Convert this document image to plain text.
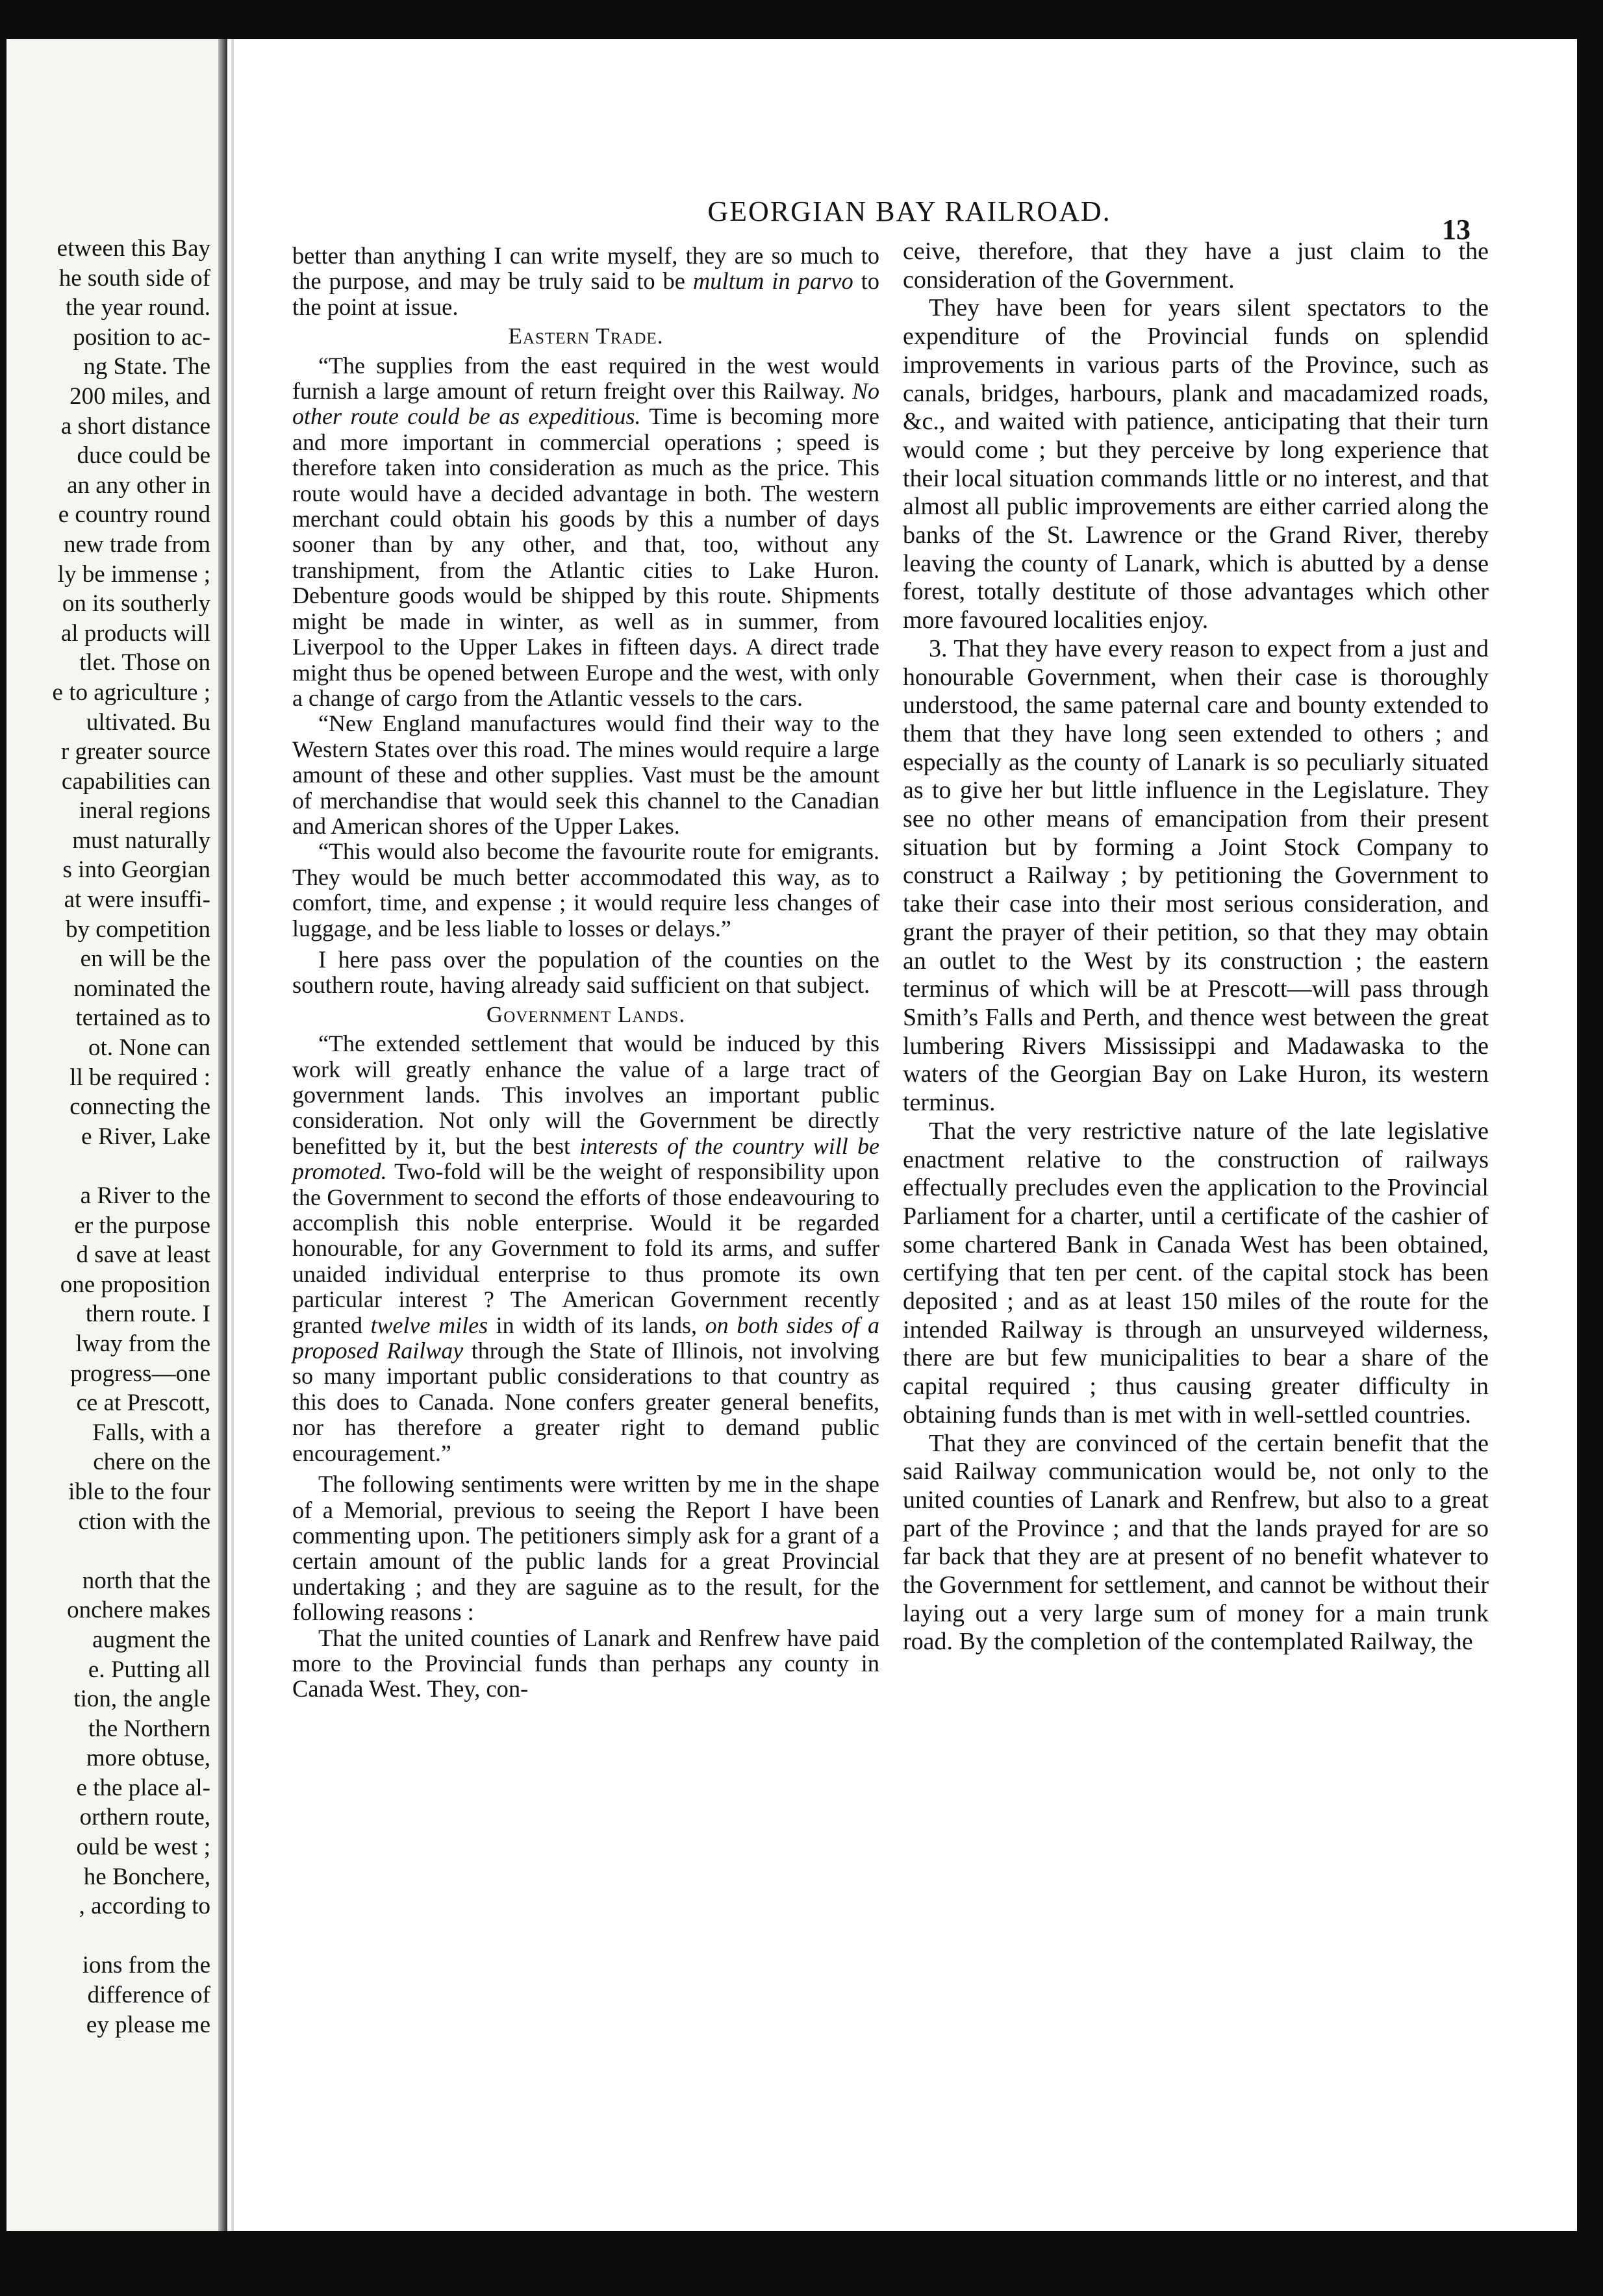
etween this Bay
he south side of
the year round.
position to ac-
ng State. The
200 miles, and
a short distance
duce could be
an any other in
e country round
new trade from
ly be immense ;
on its southerly
al products will
tlet. Those on
e to agriculture ;
ultivated. Bu
r greater source
capabilities can
ineral regions
must naturally
s into Georgian
at were insuffi-
by competition
en will be the
nominated the
tertained as to
ot. None can
ll be required :
connecting the
e River, Lake
a River to the
er the purpose
d save at least
one proposition
thern route. I
lway from the
progress—one
ce at Prescott,
Falls, with a
chere on the
ible to the four
ction with the
north that the
onchere makes
augment the
e. Putting all
tion, the angle
the Northern
more obtuse,
e the place al-
orthern route,
ould be west ;
he Bonchere,
, according to
ions from the
difference of
ey please me
GEORGIAN BAY RAILROAD.
13

better than anything I can write myself, they are so much to the purpose, and may be truly said to be multum in parvo to the point at issue.

Eastern Trade.

“The supplies from the east required in the west would furnish a large amount of return freight over this Railway. No other route could be as expeditious. Time is becoming more and more important in commercial operations ; speed is therefore taken into consideration as much as the price. This route would have a decided advantage in both. The western merchant could obtain his goods by this a number of days sooner than by any other, and that, too, without any transhipment, from the Atlantic cities to Lake Huron. Debenture goods would be shipped by this route. Shipments might be made in winter, as well as in summer, from Liverpool to the Upper Lakes in fifteen days. A direct trade might thus be opened between Europe and the west, with only a change of cargo from the Atlantic vessels to the cars.

“New England manufactures would find their way to the Western States over this road. The mines would require a large amount of these and other supplies. Vast must be the amount of merchandise that would seek this channel to the Canadian and American shores of the Upper Lakes.

“This would also become the favourite route for emigrants. They would be much better accommodated this way, as to comfort, time, and expense ; it would require less changes of luggage, and be less liable to losses or delays.”

I here pass over the population of the counties on the southern route, having already said sufficient on that subject.

Government Lands.

“The extended settlement that would be induced by this work will greatly enhance the value of a large tract of government lands. This involves an important public consideration. Not only will the Government be directly benefitted by it, but the best interests of the country will be promoted. Two-fold will be the weight of responsibility upon the Government to second the efforts of those endeavouring to accomplish this noble enterprise. Would it be regarded honourable, for any Government to fold its arms, and suffer unaided individual enterprise to thus promote its own particular interest ? The American Government recently granted twelve miles in width of its lands, on both sides of a proposed Railway through the State of Illinois, not involving so many important public considerations to that country as this does to Canada. None confers greater general benefits, nor has therefore a greater right to demand public encouragement.”

The following sentiments were written by me in the shape of a Memorial, previous to seeing the Report I have been commenting upon. The petitioners simply ask for a grant of a certain amount of the public lands for a great Provincial undertaking ; and they are saguine as to the result, for the following reasons :

That the united counties of Lanark and Renfrew have paid more to the Provincial funds than perhaps any county in Canada West. They, con-

ceive, therefore, that they have a just claim to the consideration of the Government.

They have been for years silent spectators to the expenditure of the Provincial funds on splendid improvements in various parts of the Province, such as canals, bridges, harbours, plank and macadamized roads, &c., and waited with patience, anticipating that their turn would come ; but they perceive by long experience that their local situation commands little or no interest, and that almost all public improvements are either carried along the banks of the St. Lawrence or the Grand River, thereby leaving the county of Lanark, which is abutted by a dense forest, totally destitute of those advantages which other more favoured localities enjoy.

3. That they have every reason to expect from a just and honourable Government, when their case is thoroughly understood, the same paternal care and bounty extended to them that they have long seen extended to others ; and especially as the county of Lanark is so peculiarly situated as to give her but little influence in the Legislature. They see no other means of emancipation from their present situation but by forming a Joint Stock Company to construct a Railway ; by petitioning the Government to take their case into their most serious consideration, and grant the prayer of their petition, so that they may obtain an outlet to the West by its construction ; the eastern terminus of which will be at Prescott—will pass through Smith’s Falls and Perth, and thence west between the great lumbering Rivers Mississippi and Madawaska to the waters of the Georgian Bay on Lake Huron, its western terminus.

That the very restrictive nature of the late legislative enactment relative to the construction of railways effectually precludes even the application to the Provincial Parliament for a charter, until a certificate of the cashier of some chartered Bank in Canada West has been obtained, certifying that ten per cent. of the capital stock has been deposited ; and as at least 150 miles of the route for the intended Railway is through an unsurveyed wilderness, there are but few municipalities to bear a share of the capital required ; thus causing greater difficulty in obtaining funds than is met with in well-settled countries.

That they are convinced of the certain benefit that the said Railway communication would be, not only to the united counties of Lanark and Renfrew, but also to a great part of the Province ; and that the lands prayed for are so far back that they are at present of no benefit whatever to the Government for settlement, and cannot be without their laying out a very large sum of money for a main trunk road. By the completion of the contemplated Railway, the
